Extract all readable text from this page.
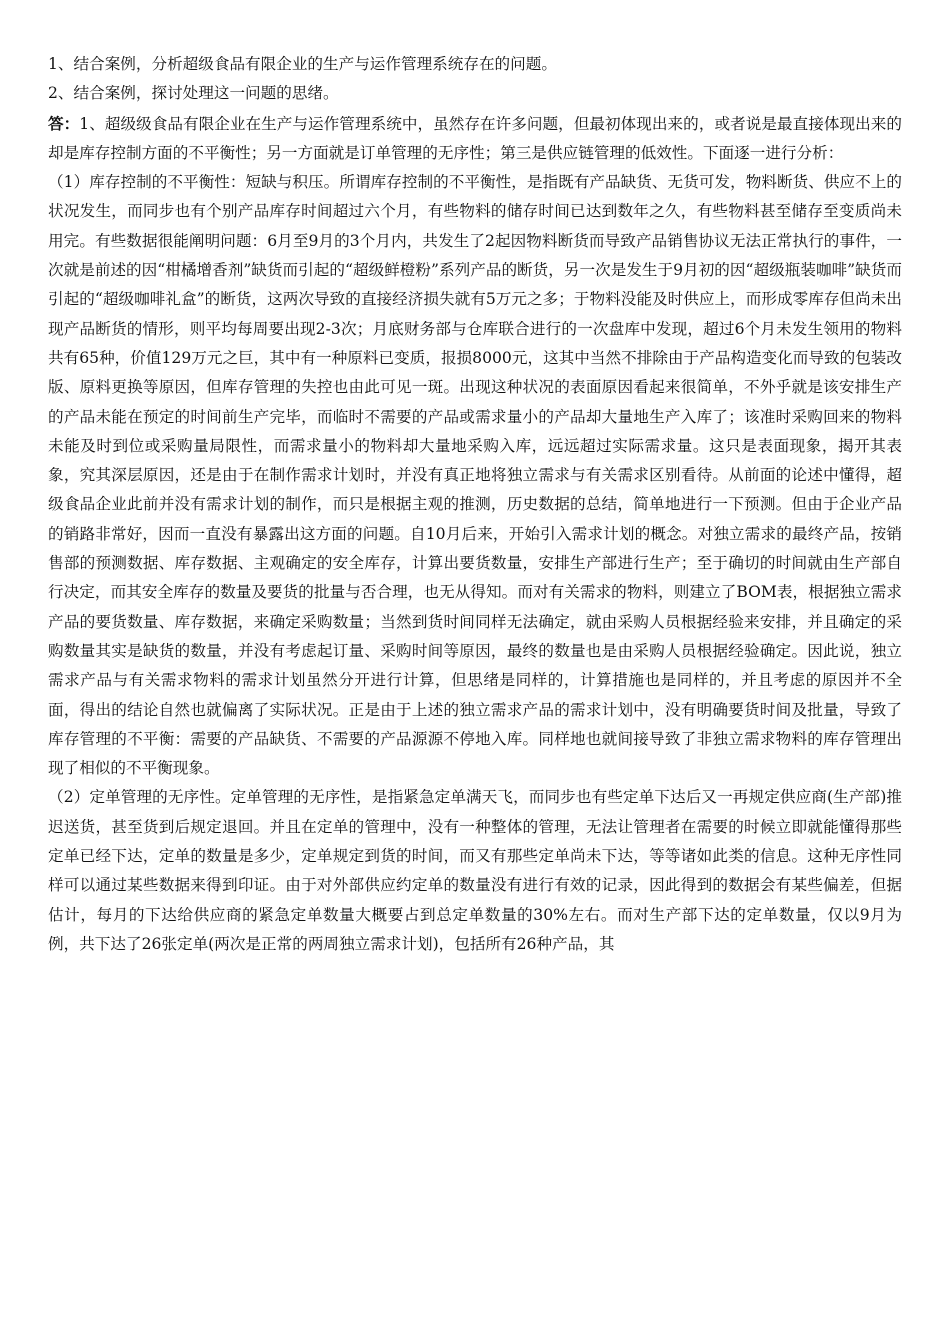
1、结合案例，分析超级食品有限企业的生产与运作管理系统存在的问题。

2、结合案例，探讨处理这一问题的思绪。

答：1、超级级食品有限企业在生产与运作管理系统中，虽然存在许多问题，但最初体现出来的，或者说是最直接体现出来的却是库存控制方面的不平衡性；另一方面就是订单管理的无序性；第三是供应链管理的低效性。下面逐一进行分析：

（1）库存控制的不平衡性：短缺与积压。所谓库存控制的不平衡性，是指既有产品缺货、无货可发，物料断货、供应不上的状况发生，而同步也有个别产品库存时间超过六个月，有些物料的储存时间已达到数年之久，有些物料甚至储存至变质尚未用完。有些数据很能阐明问题：6月至9月的3个月内，共发生了2起因物料断货而导致产品销售协议无法正常执行的事件，一次就是前述的因“柑橘增香剂”缺货而引起的“超级鲜橙粉”系列产品的断货，另一次是发生于9月初的因“超级瓶装咖啡”缺货而引起的“超级咖啡礼盒”的断货，这两次导致的直接经济损失就有5万元之多；于物料没能及时供应上，而形成零库存但尚未出现产品断货的情形，则平均每周要出现2-3次；月底财务部与仓库联合进行的一次盘库中发现，超过6个月未发生领用的物料共有65种，价值129万元之巨，其中有一种原料已变质，报损8000元，这其中当然不排除由于产品构造变化而导致的包装改版、原料更换等原因，但库存管理的失控也由此可见一斑。出现这种状况的表面原因看起来很简单，不外乎就是该安排生产的产品未能在预定的时间前生产完毕，而临时不需要的产品或需求量小的产品却大量地生产入库了；该准时采购回来的物料未能及时到位或采购量局限性，而需求量小的物料却大量地采购入库，远远超过实际需求量。这只是表面现象，揭开其表象，究其深层原因，还是由于在制作需求计划时，并没有真正地将独立需求与有关需求区别看待。从前面的论述中懂得，超级食品企业此前并没有需求计划的制作，而只是根据主观的推测，历史数据的总结，简单地进行一下预测。但由于企业产品的销路非常好，因而一直没有暴露出这方面的问题。自10月后来，开始引入需求计划的概念。对独立需求的最终产品，按销售部的预测数据、库存数据、主观确定的安全库存，计算出要货数量，安排生产部进行生产；至于确切的时间就由生产部自行决定，而其安全库存的数量及要货的批量与否合理，也无从得知。而对有关需求的物料，则建立了BOM表，根据独立需求产品的要货数量、库存数据，来确定采购数量；当然到货时间同样无法确定，就由采购人员根据经验来安排，并且确定的采购数量其实是缺货的数量，并没有考虑起订量、采购时间等原因，最终的数量也是由采购人员根据经验确定。因此说，独立需求产品与有关需求物料的需求计划虽然分开进行计算，但思绪是同样的，计算措施也是同样的，并且考虑的原因并不全面，得出的结论自然也就偏离了实际状况。正是由于上述的独立需求产品的需求计划中，没有明确要货时间及批量，导致了库存管理的不平衡：需要的产品缺货、不需要的产品源源不停地入库。同样地也就间接导致了非独立需求物料的库存管理出现了相似的不平衡现象。

（2）定单管理的无序性。定单管理的无序性，是指紧急定单满天飞，而同步也有些定单下达后又一再规定供应商(生产部)推迟送货，甚至货到后规定退回。并且在定单的管理中，没有一种整体的管理，无法让管理者在需要的时候立即就能懂得那些定单已经下达，定单的数量是多少，定单规定到货的时间，而又有那些定单尚未下达，等等诸如此类的信息。这种无序性同样可以通过某些数据来得到印证。由于对外部供应约定单的数量没有进行有效的记录，因此得到的数据会有某些偏差，但据估计，每月的下达给供应商的紧急定单数量大概要占到总定单数量的30%左右。而对生产部下达的定单数量，仅以9月为例，共下达了26张定单(两次是正常的两周独立需求计划)，包括所有26种产品，其
